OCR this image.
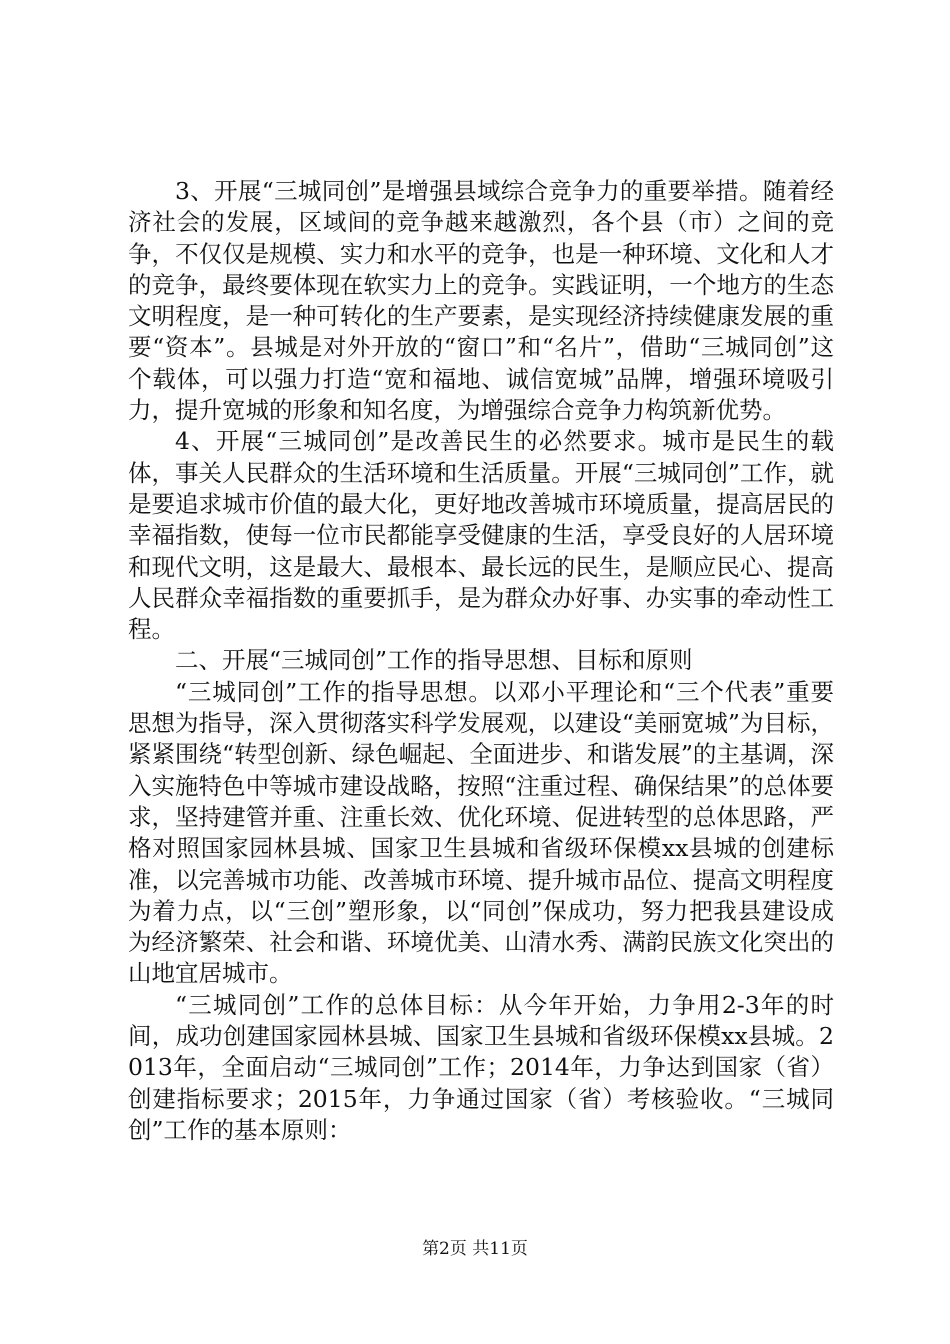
3、开展“三城同创”是增强县域综合竞争力的重要举措。随着经济社会的发展，区域间的竞争越来越激烈，各个县（市）之间的竞争，不仅仅是规模、实力和水平的竞争，也是一种环境、文化和人才的竞争，最终要体现在软实力上的竞争。实践证明，一个地方的生态文明程度，是一种可转化的生产要素，是实现经济持续健康发展的重要“资本”。县城是对外开放的“窗口”和“名片”，借助“三城同创”这个载体，可以强力打造“宽和福地、诚信宽城”品牌，增强环境吸引力，提升宽城的形象和知名度，为增强综合竞争力构筑新优势。

4、开展“三城同创”是改善民生的必然要求。城市是民生的载体，事关人民群众的生活环境和生活质量。开展“三城同创”工作，就是要追求城市价值的最大化，更好地改善城市环境质量，提高居民的幸福指数，使每一位市民都能享受健康的生活，享受良好的人居环境和现代文明，这是最大、最根本、最长远的民生，是顺应民心、提高人民群众幸福指数的重要抓手，是为群众办好事、办实事的牵动性工程。

二、开展“三城同创”工作的指导思想、目标和原则

“三城同创”工作的指导思想。以邓小平理论和“三个代表”重要思想为指导，深入贯彻落实科学发展观，以建设“美丽宽城”为目标，紧紧围绕“转型创新、绿色崛起、全面进步、和谐发展”的主基调，深入实施特色中等城市建设战略，按照“注重过程、确保结果”的总体要求，坚持建管并重、注重长效、优化环境、促进转型的总体思路，严格对照国家园林县城、国家卫生县城和省级环保模xx县城的创建标准，以完善城市功能、改善城市环境、提升城市品位、提高文明程度为着力点，以“三创”塑形象，以“同创”保成功，努力把我县建设成为经济繁荣、社会和谐、环境优美、山清水秀、满韵民族文化突出的山地宜居城市。

“三城同创”工作的总体目标：从今年开始，力争用2-3年的时间，成功创建国家园林县城、国家卫生县城和省级环保模xx县城。2013年，全面启动“三城同创”工作；2014年，力争达到国家（省）创建指标要求；2015年，力争通过国家（省）考核验收。“三城同创”工作的基本原则：

第2页 共11页
